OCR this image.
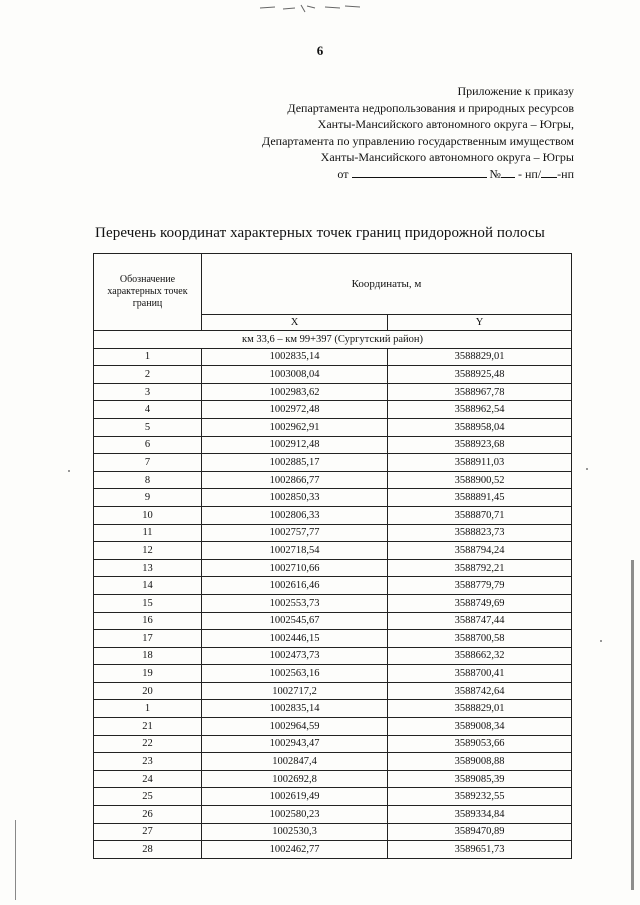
6
Приложение к приказу
Департамента недропользования и природных ресурсов
Ханты-Мансийского автономного округа – Югры,
Департамента по управлению государственным имуществом
Ханты-Мансийского автономного округа – Югры
от	№ - нп/ -нп
Перечень координат характерных точек границ придорожной полосы
Обозначение характерных точек границ	Координаты, м	
	X	Y
км 33,6 – км 99+397 (Сургутский район)		
1	1002835,14	3588829,01
2	1003008,04	3588925,48
3	1002983,62	3588967,78
4	1002972,48	3588962,54
5	1002962,91	3588958,04
6	1002912,48	3588923,68
7	1002885,17	3588911,03
8	1002866,77	3588900,52
9	1002850,33	3588891,45
10	1002806,33	3588870,71
11	1002757,77	3588823,73
12	1002718,54	3588794,24
13	1002710,66	3588792,21
14	1002616,46	3588779,79
15	1002553,73	3588749,69
16	1002545,67	3588747,44
17	1002446,15	3588700,58
18	1002473,73	3588662,32
19	1002563,16	3588700,41
20	1002717,2	3588742,64
1	1002835,14	3588829,01
21	1002964,59	3589008,34
22	1002943,47	3589053,66
23	1002847,4	3589008,88
24	1002692,8	3589085,39
25	1002619,49	3589232,55
26	1002580,23	3589334,84
27	1002530,3	3589470,89
28	1002462,77	3589651,73
